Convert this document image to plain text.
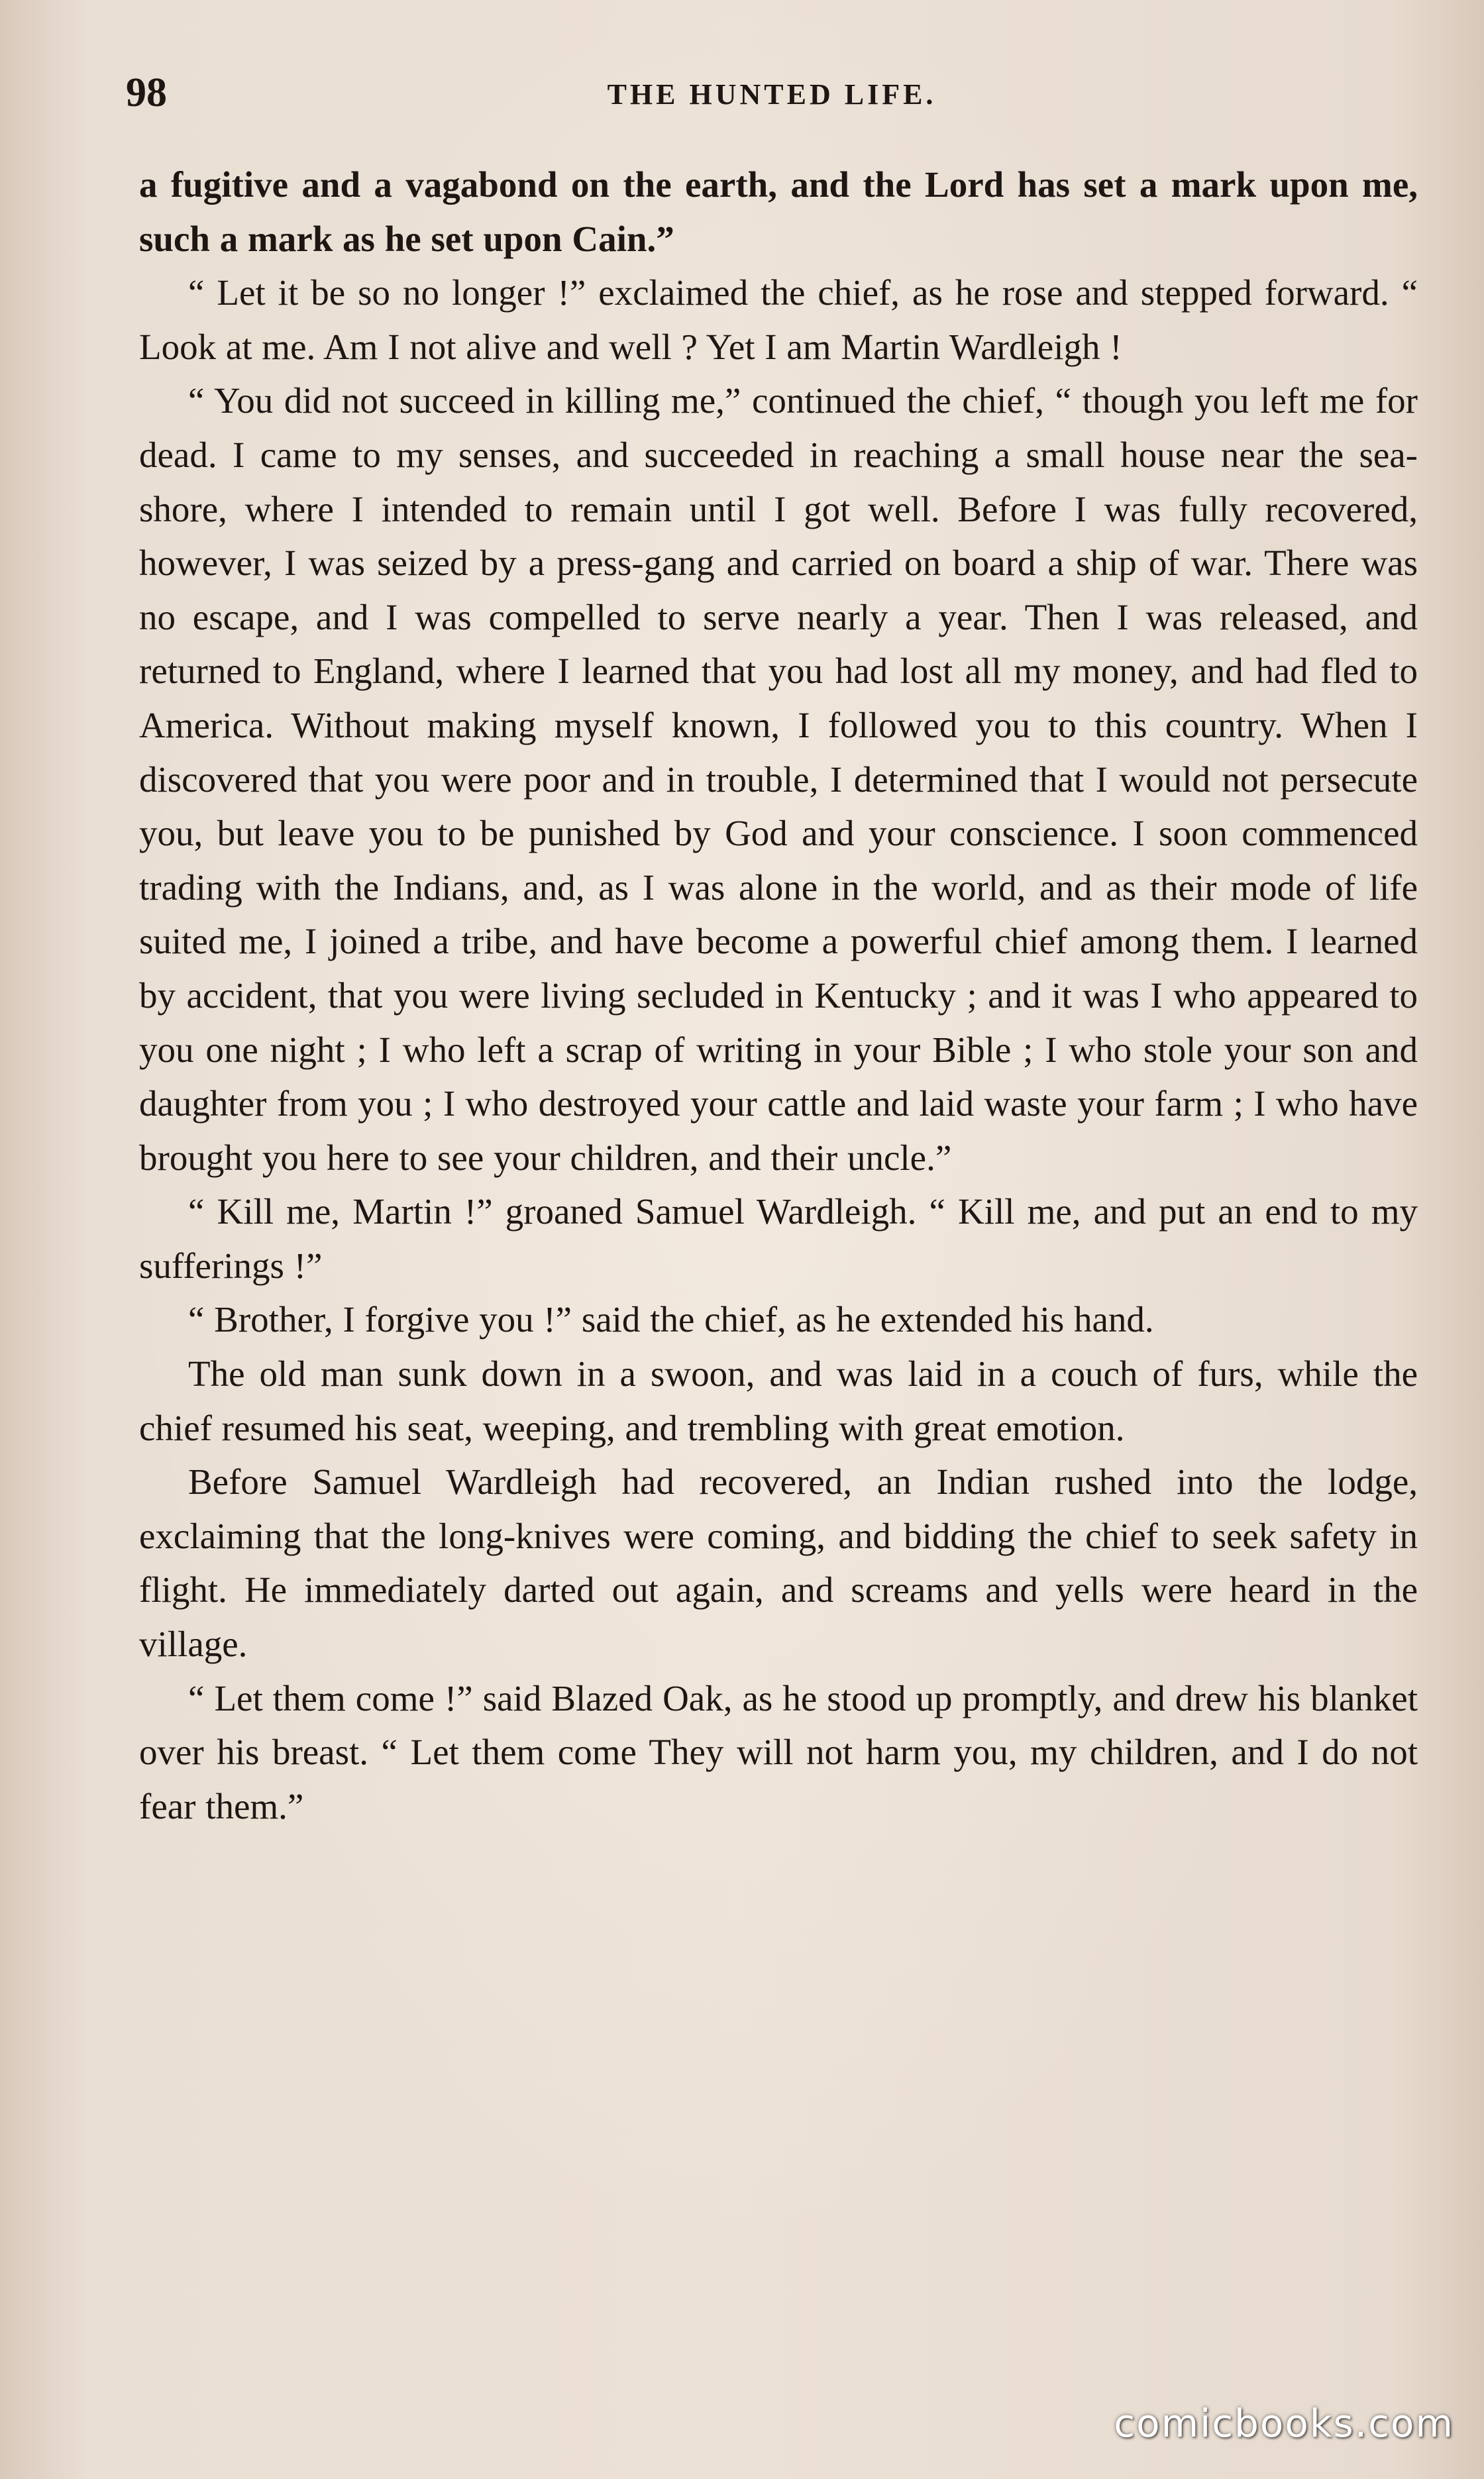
98	THE HUNTED LIFE.

a fugitive and a vagabond on the earth, and the Lord has set a mark upon me, such a mark as he set upon Cain.”

“ Let it be so no longer !” exclaimed the chief, as he rose and stepped forward. “ Look at me. Am I not alive and well ? Yet I am Martin Wardleigh !

“ You did not succeed in killing me,” continued the chief, “ though you left me for dead. I came to my senses, and succeeded in reaching a small house near the sea-shore, where I intended to remain until I got well. Before I was fully recovered, however, I was seized by a press-gang and carried on board a ship of war. There was no escape, and I was compelled to serve nearly a year. Then I was released, and returned to England, where I learned that you had lost all my money, and had fled to America. Without making myself known, I followed you to this country. When I discovered that you were poor and in trouble, I determined that I would not persecute you, but leave you to be punished by God and your conscience. I soon commenced trading with the Indians, and, as I was alone in the world, and as their mode of life suited me, I joined a tribe, and have become a powerful chief among them. I learned by accident, that you were living secluded in Kentucky ; and it was I who appeared to you one night ; I who left a scrap of writing in your Bible ; I who stole your son and daughter from you ; I who destroyed your cattle and laid waste your farm ; I who have brought you here to see your children, and their uncle.”

“ Kill me, Martin !” groaned Samuel Wardleigh. “ Kill me, and put an end to my sufferings !”

“ Brother, I forgive you !” said the chief, as he extended his hand.

The old man sunk down in a swoon, and was laid in a couch of furs, while the chief resumed his seat, weeping, and trembling with great emotion.

Before Samuel Wardleigh had recovered, an Indian rushed into the lodge, exclaiming that the long-knives were coming, and bidding the chief to seek safety in flight. He immediately darted out again, and screams and yells were heard in the village.

“ Let them come !” said Blazed Oak, as he stood up promptly, and drew his blanket over his breast. “ Let them come They will not harm you, my children, and I do not fear them.”

comicbooks.com
